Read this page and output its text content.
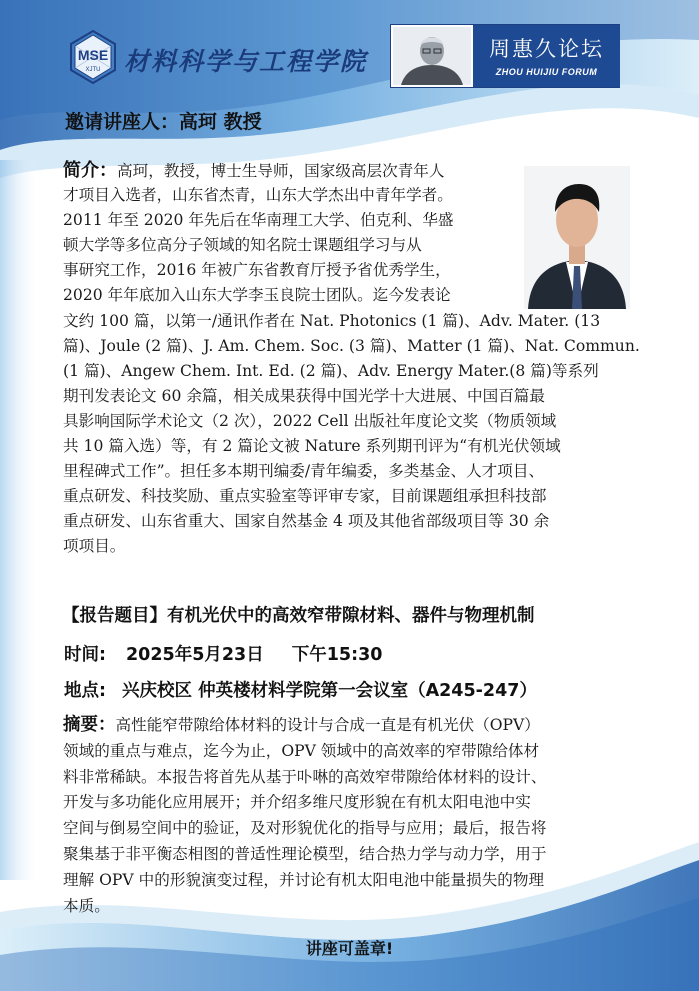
MSE
XJTU 材料科学与工程学院	周惠久论坛
ZHOU HUIJIU FORUM
邀请讲座人：高珂 教授
简介：高珂，教授，博士生导师，国家级高层次青年人
才项目入选者，山东省杰青，山东大学杰出中青年学者。
2011 年至 2020 年先后在华南理工大学、伯克利、华盛
顿大学等多位高分子领域的知名院士课题组学习与从
事研究工作，2016 年被广东省教育厅授予省优秀学生，
2020 年年底加入山东大学李玉良院士团队。迄今发表论
文约 100 篇，以第一/通讯作者在 Nat. Photonics (1 篇)、Adv. Mater. (13
篇)、Joule (2 篇)、J. Am. Chem. Soc. (3 篇)、Matter (1 篇)、Nat. Commun.
(1 篇)、Angew Chem. Int. Ed. (2 篇)、Adv. Energy Mater.(8 篇)等系列
期刊发表论文 60 余篇，相关成果获得中国光学十大进展、中国百篇最
具影响国际学术论文（2 次），2022 Cell 出版社年度论文奖（物质领域
共 10 篇入选）等，有 2 篇论文被 Nature 系列期刊评为“有机光伏领域
里程碑式工作”。担任多本期刊编委/青年编委，多类基金、人才项目、
重点研发、科技奖励、重点实验室等评审专家，目前课题组承担科技部
重点研发、山东省重大、国家自然基金 4 项及其他省部级项目等 30 余
项项目。
【报告题目】有机光伏中的高效窄带隙材料、器件与物理机制
时间: 2025年5月23日 下午15:30
地点: 兴庆校区 仲英楼材料学院第一会议室（A245-247）
摘要：高性能窄带隙给体材料的设计与合成一直是有机光伏（OPV）
领域的重点与难点，迄今为止，OPV 领域中的高效率的窄带隙给体材
料非常稀缺。本报告将首先从基于卟啉的高效窄带隙给体材料的设计、
开发与多功能化应用展开；并介绍多维尺度形貌在有机太阳电池中实
空间与倒易空间中的验证，及对形貌优化的指导与应用；最后，报告将
聚集基于非平衡态相图的普适性理论模型，结合热力学与动力学，用于
理解 OPV 中的形貌演变过程，并讨论有机太阳电池中能量损失的物理
本质。
讲座可盖章!
